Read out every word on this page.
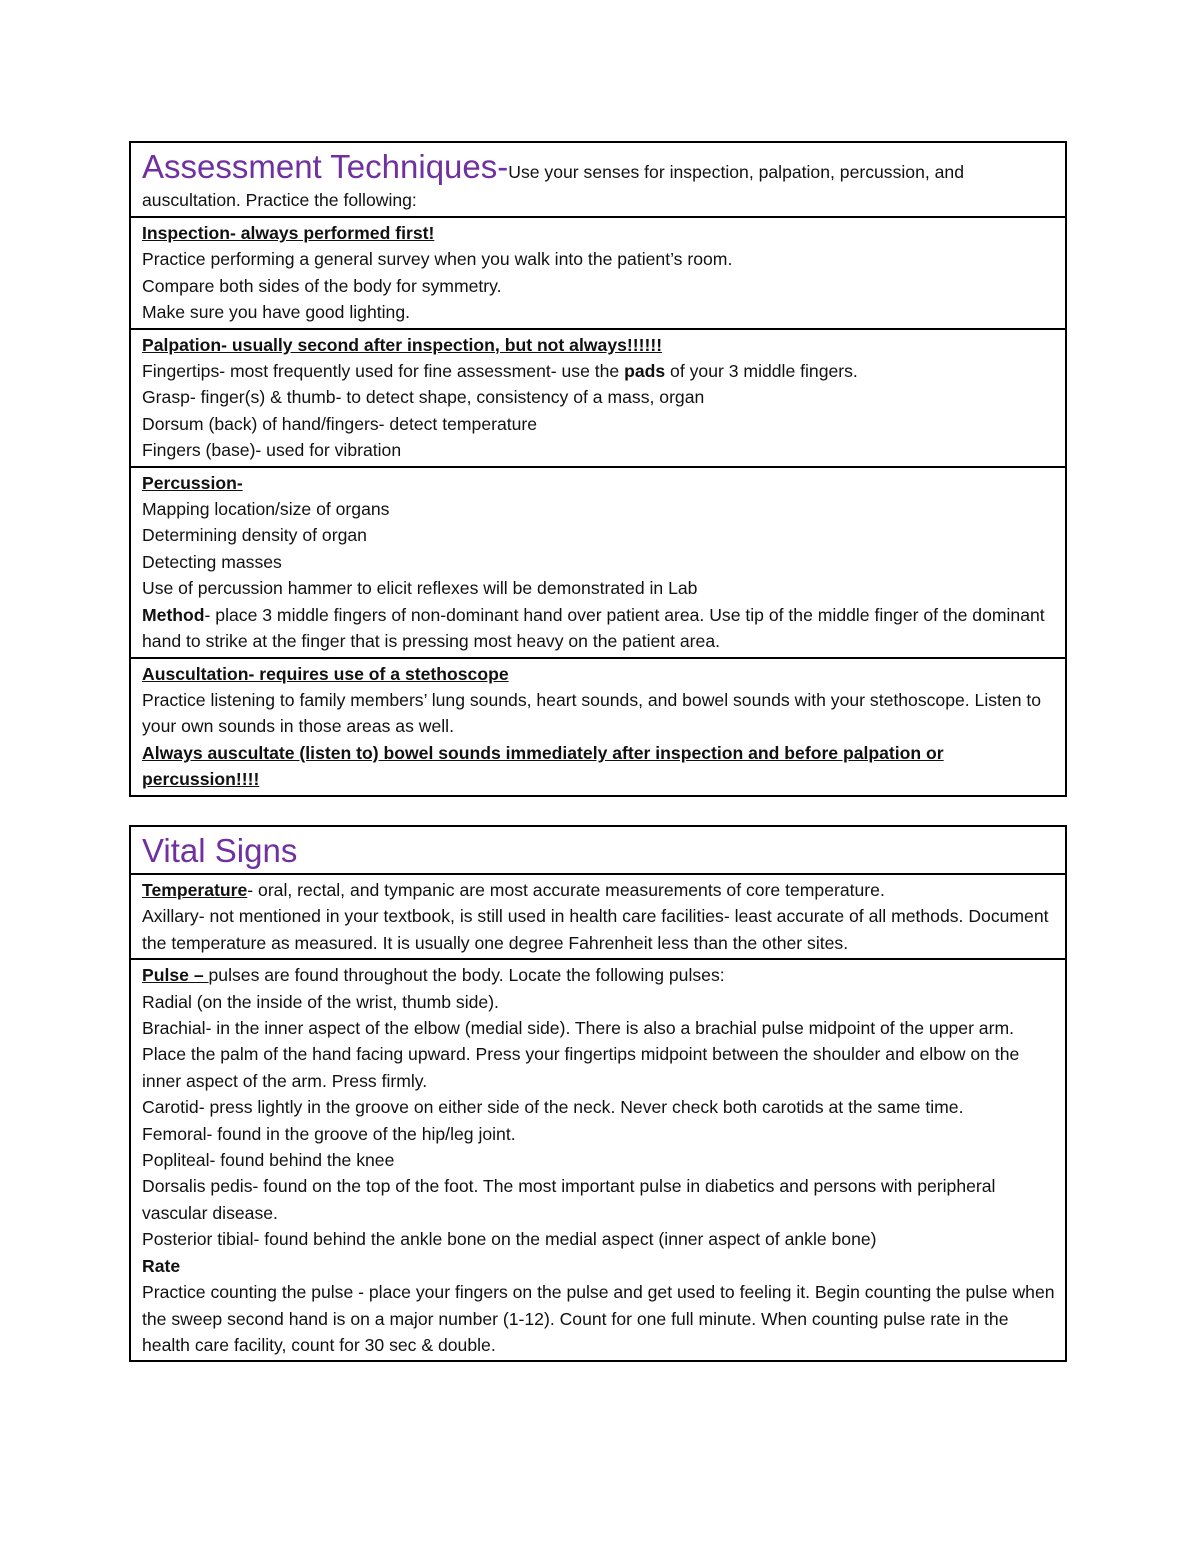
Assessment Techniques-Use your senses for inspection, palpation, percussion, and auscultation. Practice the following:
Inspection- always performed first!
Practice performing a general survey when you walk into the patient’s room.
Compare both sides of the body for symmetry.
Make sure you have good lighting.
Palpation- usually second after inspection, but not always!!!!!!
Fingertips- most frequently used for fine assessment- use the pads of your 3 middle fingers.
Grasp- finger(s) & thumb- to detect shape, consistency of a mass, organ
Dorsum (back) of hand/fingers- detect temperature
Fingers (base)- used for vibration
Percussion-
Mapping location/size of organs
Determining density of organ
Detecting masses
Use of percussion hammer to elicit reflexes will be demonstrated in Lab
Method- place 3 middle fingers of non-dominant hand over patient area. Use tip of the middle finger of the dominant hand to strike at the finger that is pressing most heavy on the patient area.
Auscultation- requires use of a stethoscope
Practice listening to family members’ lung sounds, heart sounds, and bowel sounds with your stethoscope. Listen to your own sounds in those areas as well.
Always auscultate (listen to) bowel sounds immediately after inspection and before palpation or percussion!!!!
Vital Signs
Temperature- oral, rectal, and tympanic are most accurate measurements of core temperature.
Axillary- not mentioned in your textbook, is still used in health care facilities- least accurate of all methods. Document the temperature as measured. It is usually one degree Fahrenheit less than the other sites.
Pulse – pulses are found throughout the body. Locate the following pulses:
Radial (on the inside of the wrist, thumb side).
Brachial- in the inner aspect of the elbow (medial side). There is also a brachial pulse midpoint of the upper arm. Place the palm of the hand facing upward. Press your fingertips midpoint between the shoulder and elbow on the inner aspect of the arm. Press firmly.
Carotid- press lightly in the groove on either side of the neck. Never check both carotids at the same time.
Femoral- found in the groove of the hip/leg joint.
Popliteal- found behind the knee
Dorsalis pedis- found on the top of the foot. The most important pulse in diabetics and persons with peripheral vascular disease.
Posterior tibial- found behind the ankle bone on the medial aspect (inner aspect of ankle bone)
Rate
Practice counting the pulse - place your fingers on the pulse and get used to feeling it. Begin counting the pulse when the sweep second hand is on a major number (1-12). Count for one full minute. When counting pulse rate in the health care facility, count for 30 sec & double.
